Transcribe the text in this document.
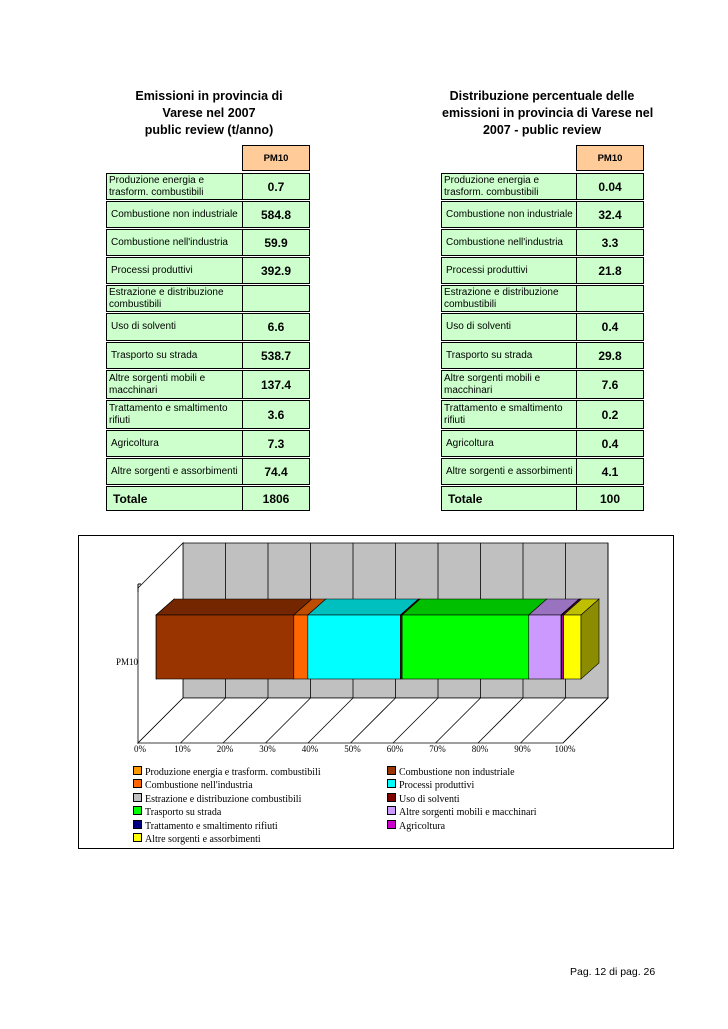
Emissioni in provincia di
Varese nel 2007
public review (t/anno)
Distribuzione percentuale delle
emissioni in provincia di Varese nel
2007 - public review
	PM10

Produzione energia e
trasform. combustibili	0.7

Combustione non industriale	584.8

Combustione nell'industria	59.9

Processi produttivi	392.9

Estrazione e distribuzione
combustibili	

Uso di solventi	6.6

Trasporto su strada	538.7

Altre sorgenti mobili e
macchinari	137.4

Trattamento e smaltimento
rifiuti	3.6

Agricoltura	7.3

Altre sorgenti e assorbimenti	74.4

Totale	1806
	PM10

Produzione energia e
trasform. combustibili	0.04

Combustione non industriale	32.4

Combustione nell'industria	3.3

Processi produttivi	21.8

Estrazione e distribuzione
combustibili	

Uso di solventi	0.4

Trasporto su strada	29.8

Altre sorgenti mobili e
macchinari	7.6

Trattamento e smaltimento
rifiuti	0.2

Agricoltura	0.4

Altre sorgenti e assorbimenti	4.1

Totale	100
PM10
0%	10%	20%	30%	40%	50%	60%	70%	80%	90%	100%
Produzione energia e trasform. combustibili	Combustione non industriale
Combustione nell'industria	Processi produttivi
Estrazione e distribuzione combustibili	Uso di solventi
Trasporto su strada	Altre sorgenti mobili e macchinari
Trattamento e smaltimento rifiuti	Agricoltura
Altre sorgenti e assorbimenti
Pag. 12 di pag. 26
